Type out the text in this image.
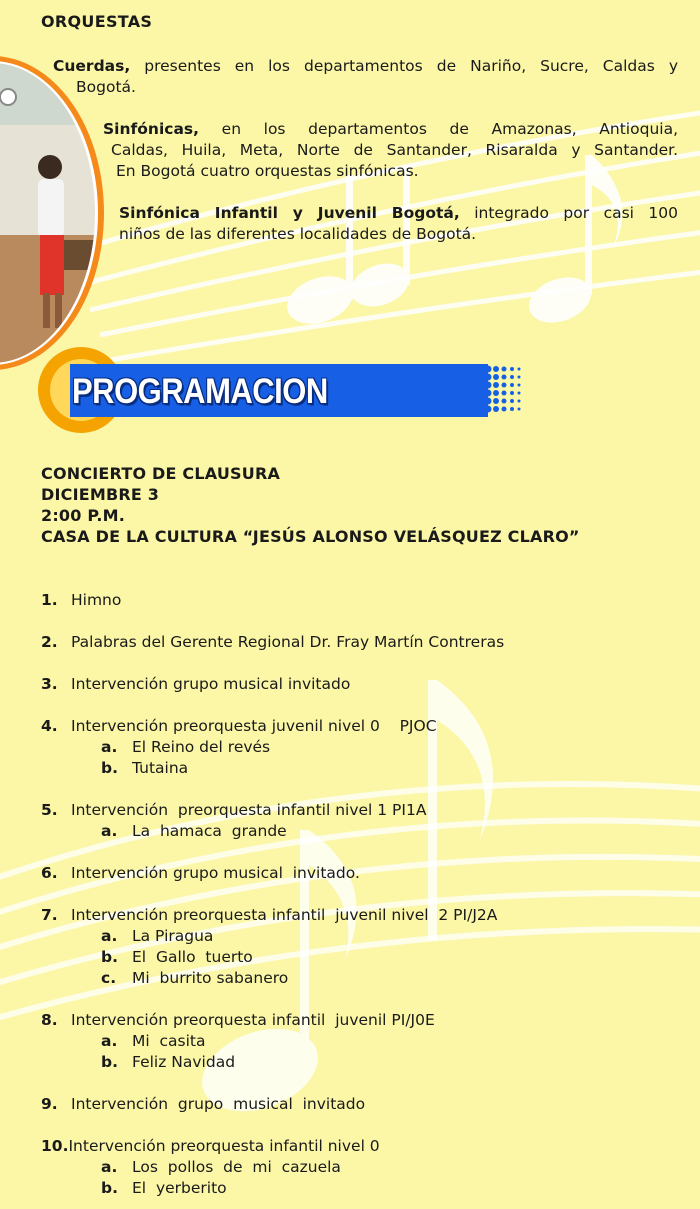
ORQUESTAS
Cuerdas, presentes en los departamentos de Nariño, Sucre, Caldas y
Bogotá.
Sinfónicas, en los departamentos de Amazonas, Antioquia,
Caldas, Huila, Meta, Norte de Santander, Risaralda y Santander.
En Bogotá cuatro orquestas sinfónicas.
Sinfónica Infantil y Juvenil Bogotá, integrado por casi 100
niños de las diferentes localidades de Bogotá.
PROGRAMACION
CONCIERTO DE CLAUSURA
DICIEMBRE 3
2:00 P.M.
CASA DE LA CULTURA “JESÚS ALONSO VELÁSQUEZ CLARO”
1. Himno
2. Palabras del Gerente Regional Dr. Fray Martín Contreras
3. Intervención grupo musical invitado
4. Intervención preorquesta juvenil nivel 0    PJOC
a. El Reino del revés
b. Tutaina
5. Intervención  preorquesta infantil nivel 1 PI1A
a. La  hamaca  grande
6. Intervención grupo musical  invitado.
7. Intervención preorquesta infantil  juvenil nivel  2 PI/J2A
a. La Piragua
b. El  Gallo  tuerto
c. Mi  burrito sabanero
8. Intervención preorquesta infantil  juvenil PI/J0E
a. Mi  casita
b. Feliz Navidad
9. Intervención  grupo  musical  invitado
10.Intervención preorquesta infantil nivel 0
a. Los  pollos  de  mi  cazuela
b. El  yerberito
